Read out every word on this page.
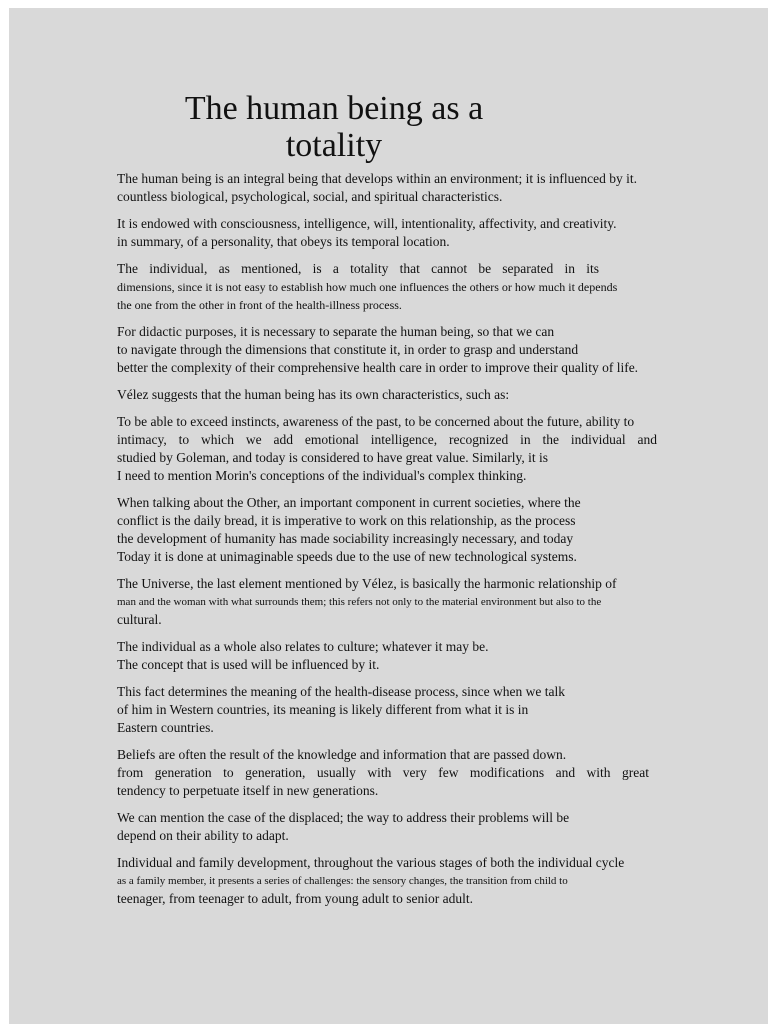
The human being as a
totality

The human being is an integral being that develops within an environment; it is influenced by it.
countless biological, psychological, social, and spiritual characteristics.

It is endowed with consciousness, intelligence, will, intentionality, affectivity, and creativity.
in summary, of a personality, that obeys its temporal location.

The individual, as mentioned, is a totality that cannot be separated in its
dimensions, since it is not easy to establish how much one influences the others or how much it depends
the one from the other in front of the health-illness process.

For didactic purposes, it is necessary to separate the human being, so that we can
to navigate through the dimensions that constitute it, in order to grasp and understand
better the complexity of their comprehensive health care in order to improve their quality of life.

Vélez suggests that the human being has its own characteristics, such as:

To be able to exceed instincts, awareness of the past, to be concerned about the future, ability to
intimacy, to which we add emotional intelligence, recognized in the individual and
studied by Goleman, and today is considered to have great value. Similarly, it is
I need to mention Morin's conceptions of the individual's complex thinking.

When talking about the Other, an important component in current societies, where the
conflict is the daily bread, it is imperative to work on this relationship, as the process
the development of humanity has made sociability increasingly necessary, and today
Today it is done at unimaginable speeds due to the use of new technological systems.

The Universe, the last element mentioned by Vélez, is basically the harmonic relationship of
man and the woman with what surrounds them; this refers not only to the material environment but also to the
cultural.

The individual as a whole also relates to culture; whatever it may be.
The concept that is used will be influenced by it.

This fact determines the meaning of the health-disease process, since when we talk
of him in Western countries, its meaning is likely different from what it is in
Eastern countries.

Beliefs are often the result of the knowledge and information that are passed down.
from generation to generation, usually with very few modifications and with great
tendency to perpetuate itself in new generations.

We can mention the case of the displaced; the way to address their problems will be
depend on their ability to adapt.

Individual and family development, throughout the various stages of both the individual cycle
as a family member, it presents a series of challenges: the sensory changes, the transition from child to
teenager, from teenager to adult, from young adult to senior adult.
